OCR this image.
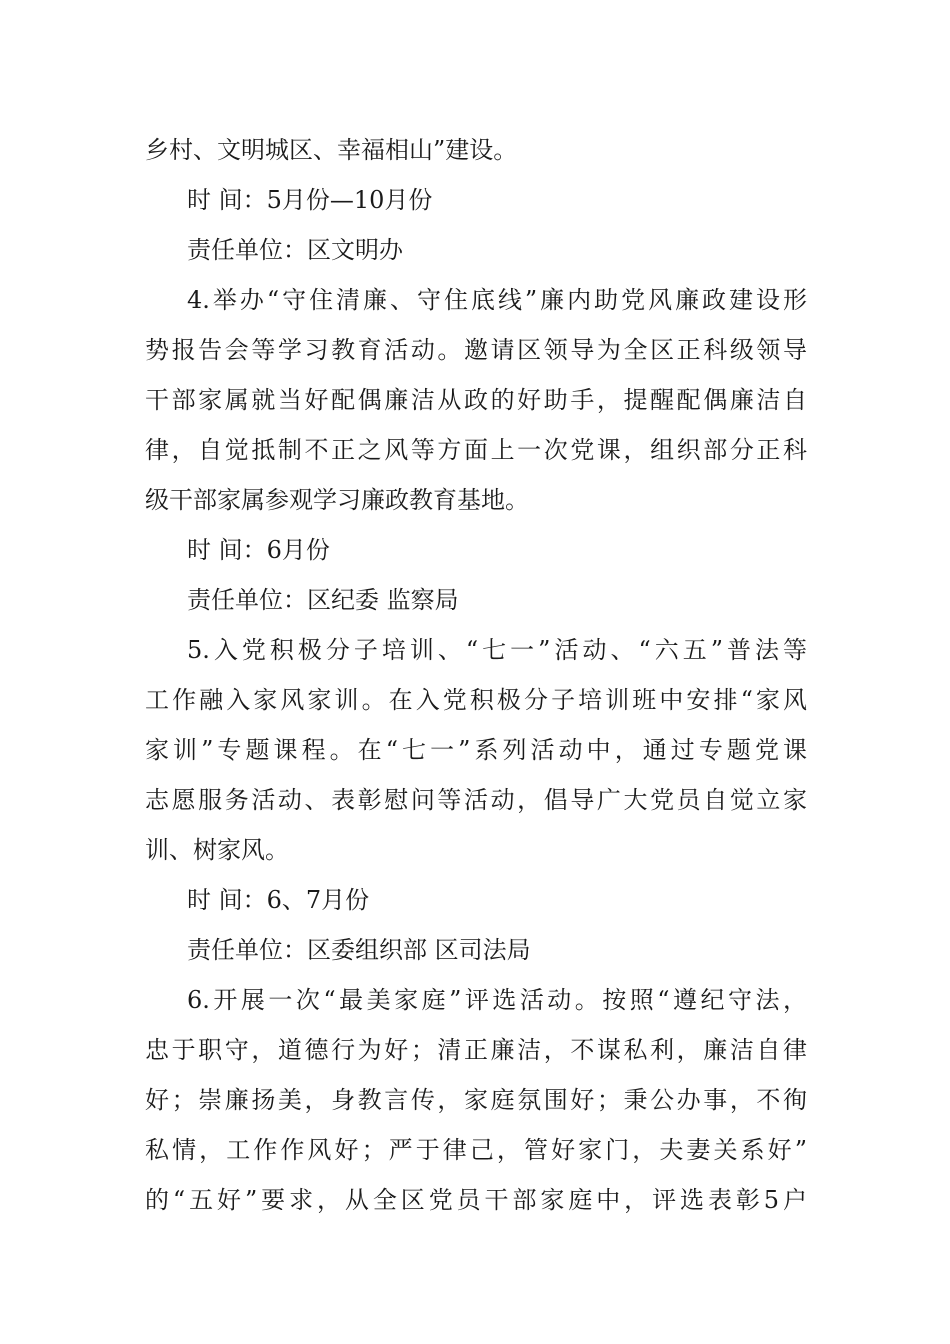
乡村、文明城区、幸福相山”建设。
时 间：5月份—10月份
责任单位：区文明办
4.举办“守住清廉、守住底线”廉内助党风廉政建设形
势报告会等学习教育活动。邀请区领导为全区正科级领导
干部家属就当好配偶廉洁从政的好助手，提醒配偶廉洁自
律，自觉抵制不正之风等方面上一次党课，组织部分正科
级干部家属参观学习廉政教育基地。
时 间：6月份
责任单位：区纪委 监察局
5.入党积极分子培训、“七一”活动、“六五”普法等
工作融入家风家训。在入党积极分子培训班中安排“家风
家训”专题课程。在“七一”系列活动中，通过专题党课
志愿服务活动、表彰慰问等活动，倡导广大党员自觉立家
训、树家风。
时 间：6、7月份
责任单位：区委组织部 区司法局
6.开展一次“最美家庭”评选活动。按照“遵纪守法，
忠于职守，道德行为好；清正廉洁，不谋私利，廉洁自律
好；崇廉扬美，身教言传，家庭氛围好；秉公办事，不徇
私情，工作作风好；严于律己，管好家门，夫妻关系好”
的“五好”要求，从全区党员干部家庭中，评选表彰5户
